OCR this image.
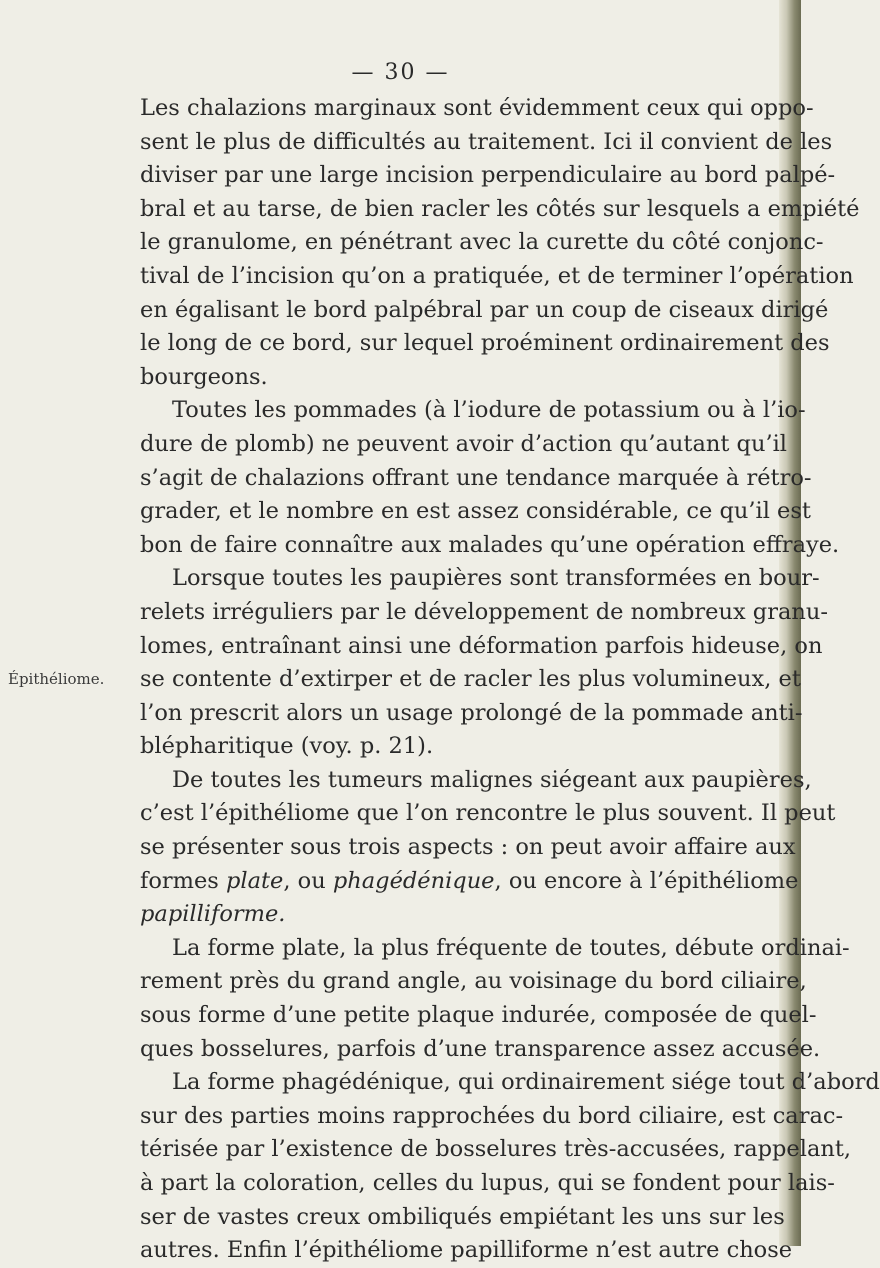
— 30 —
Épithéliome.
Les chalazions marginaux sont évidemment ceux qui oppo-
sent le plus de difficultés au traitement. Ici il convient de les
diviser par une large incision perpendiculaire au bord palpé-
bral et au tarse, de bien racler les côtés sur lesquels a empiété
le granulome, en pénétrant avec la curette du côté conjonc-
tival de l’incision qu’on a pratiquée, et de terminer l’opération
en égalisant le bord palpébral par un coup de ciseaux dirigé
le long de ce bord, sur lequel proéminent ordinairement des
bourgeons.
Toutes les pommades (à l’iodure de potassium ou à l’io-
dure de plomb) ne peuvent avoir d’action qu’autant qu’il
s’agit de chalazions offrant une tendance marquée à rétro-
grader, et le nombre en est assez considérable, ce qu’il est
bon de faire connaître aux malades qu’une opération effraye.
Lorsque toutes les paupières sont transformées en bour-
relets irréguliers par le développement de nombreux granu-
lomes, entraînant ainsi une déformation parfois hideuse, on
se contente d’extirper et de racler les plus volumineux, et
l’on prescrit alors un usage prolongé de la pommade anti-
blépharitique (voy. p. 21).
De toutes les tumeurs malignes siégeant aux paupières,
c’est l’épithéliome que l’on rencontre le plus souvent. Il peut
se présenter sous trois aspects : on peut avoir affaire aux
formes plate, ou phagédénique, ou encore à l’épithéliome
papilliforme.
La forme plate, la plus fréquente de toutes, débute ordinai-
rement près du grand angle, au voisinage du bord ciliaire,
sous forme d’une petite plaque indurée, composée de quel-
ques bosselures, parfois d’une transparence assez accusée.
La forme phagédénique, qui ordinairement siége tout d’abord
sur des parties moins rapprochées du bord ciliaire, est carac-
térisée par l’existence de bosselures très-accusées, rappelant,
à part la coloration, celles du lupus, qui se fondent pour lais-
ser de vastes creux ombiliqués empiétant les uns sur les
autres. Enfin l’épithéliome papilliforme n’est autre chose
